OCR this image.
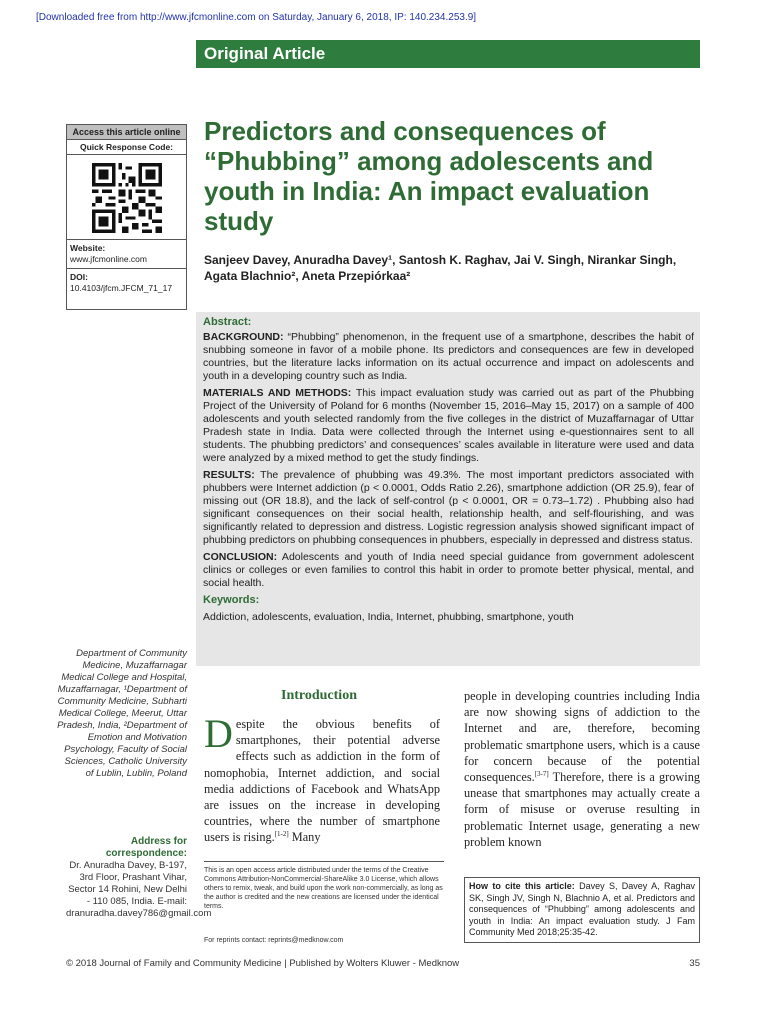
[Downloaded free from http://www.jfcmonline.com on Saturday, January 6, 2018, IP: 140.234.253.9]
Original Article
Access this article online
Quick Response Code:
Website:
www.jfcmonline.com
DOI:
10.4103/jfcm.JFCM_71_17
Predictors and consequences of “Phubbing” among adolescents and youth in India: An impact evaluation study
Sanjeev Davey, Anuradha Davey¹, Santosh K. Raghav, Jai V. Singh, Nirankar Singh, Agata Blachnio², Aneta Przepiórkaa²
Abstract:

BACKGROUND: “Phubbing” phenomenon, in the frequent use of a smartphone, describes the habit of snubbing someone in favor of a mobile phone. Its predictors and consequences are few in developed countries, but the literature lacks information on its actual occurrence and impact on adolescents and youth in a developing country such as India.

MATERIALS AND METHODS: This impact evaluation study was carried out as part of the Phubbing Project of the University of Poland for 6 months (November 15, 2016–May 15, 2017) on a sample of 400 adolescents and youth selected randomly from the five colleges in the district of Muzaffarnagar of Uttar Pradesh state in India. Data were collected through the Internet using e-questionnaires sent to all students. The phubbing predictors’ and consequences’ scales available in literature were used and data were analyzed by a mixed method to get the study findings.

RESULTS: The prevalence of phubbing was 49.3%. The most important predictors associated with phubbers were Internet addiction (p < 0.0001, Odds Ratio 2.26), smartphone addiction (OR 25.9), fear of missing out (OR 18.8), and the lack of self-control (p < 0.0001, OR = 0.73–1.72) . Phubbing also had significant consequences on their social health, relationship health, and self-flourishing, and was significantly related to depression and distress. Logistic regression analysis showed significant impact of phubbing predictors on phubbing consequences in phubbers, especially in depressed and distress status.

CONCLUSION: Adolescents and youth of India need special guidance from government adolescent clinics or colleges or even families to control this habit in order to promote better physical, mental, and social health.

Keywords:
Addiction, adolescents, evaluation, India, Internet, phubbing, smartphone, youth
Department of Community Medicine, Muzaffarnagar Medical College and Hospital, Muzaffarnagar, ¹Department of Community Medicine, Subharti Medical College, Meerut, Uttar Pradesh, India, ²Department of Emotion and Motivation Psychology, Faculty of Social Sciences, Catholic University of Lublin, Lublin, Poland
Address for correspondence:
Dr. Anuradha Davey, B-197, 3rd Floor, Prashant Vihar, Sector 14 Rohini, New Delhi - 110 085, India. E-mail: dranuradha.davey786@gmail.com
Introduction
Despite the obvious benefits of smartphones, their potential adverse effects such as addiction in the form of nomophobia, Internet addiction, and social media addictions of Facebook and WhatsApp are issues on the increase in developing countries, where the number of smartphone users is rising.[1-2] Many
people in developing countries including India are now showing signs of addiction to the Internet and are, therefore, becoming problematic smartphone users, which is a cause for concern because of the potential consequences.[3-7] Therefore, there is a growing unease that smartphones may actually create a form of misuse or overuse resulting in problematic Internet usage, generating a new problem known
This is an open access article distributed under the terms of the Creative Commons Attribution-NonCommercial-ShareAlike 3.0 License, which allows others to remix, tweak, and build upon the work non-commercially, as long as the author is credited and the new creations are licensed under the identical terms.
For reprints contact: reprints@medknow.com
How to cite this article: Davey S, Davey A, Raghav SK, Singh JV, Singh N, Blachnio A, et al. Predictors and consequences of “Phubbing” among adolescents and youth in India: An impact evaluation study. J Fam Community Med 2018;25:35-42.
© 2018 Journal of Family and Community Medicine | Published by Wolters Kluwer - Medknow	35
